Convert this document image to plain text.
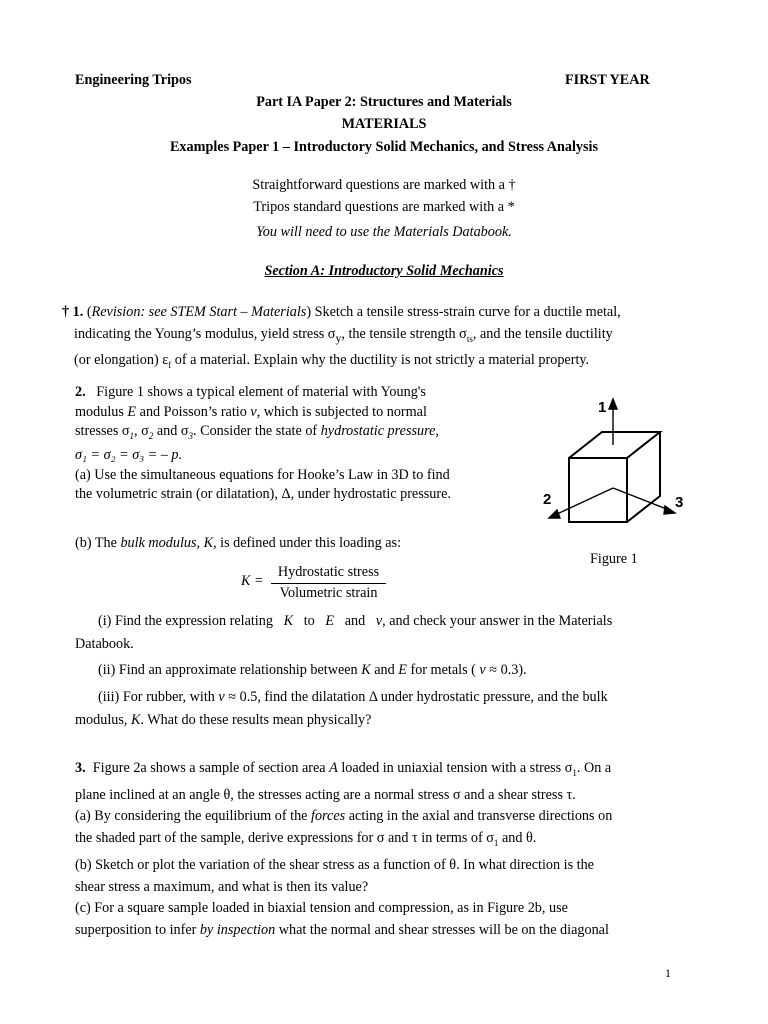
Engineering Tripos	FIRST YEAR
Part IA Paper 2: Structures and Materials
MATERIALS
Examples Paper 1 – Introductory Solid Mechanics, and Stress Analysis
Straightforward questions are marked with a †
Tripos standard questions are marked with a *
You will need to use the Materials Databook.
Section A: Introductory Solid Mechanics
† 1. (Revision: see STEM Start – Materials) Sketch a tensile stress-strain curve for a ductile metal,
indicating the Young’s modulus, yield stress $\sigma_y$, the tensile strength $\sigma_{ts}$, and the tensile ductility
(or elongation) $\varepsilon_f$ of a material. Explain why the ductility is not strictly a material property.
2. Figure 1 shows a typical element of material with Young's
modulus E and Poisson’s ratio ν, which is subjected to normal
stresses $\sigma_1$, $\sigma_2$ and $\sigma_3$. Consider the state of hydrostatic pressure,
σ₁ = σ₂ = σ₃ = – p.
(a) Use the simultaneous equations for Hooke’s Law in 3D to find
the volumetric strain (or dilatation), Δ, under hydrostatic pressure.
1
2	3
Figure 1
(b) The bulk modulus, K, is defined under this loading as:
K =
Hydrostatic stress
Volumetric strain
(i) Find the expression relating K to E and ν, and check your answer in the Materials
Databook.
(ii) Find an approximate relationship between K and E for metals ( ν ≈ 0.3).
(iii) For rubber, with ν ≈ 0.5, find the dilatation Δ under hydrostatic pressure, and the bulk
modulus, K. What do these results mean physically?
3. Figure 2a shows a sample of section area A loaded in uniaxial tension with a stress $\sigma_1$. On a
plane inclined at an angle θ, the stresses acting are a normal stress σ and a shear stress τ.
(a) By considering the equilibrium of the forces acting in the axial and transverse directions on
the shaded part of the sample, derive expressions for σ and τ in terms of $\sigma_1$ and θ.
(b) Sketch or plot the variation of the shear stress as a function of θ. In what direction is the
shear stress a maximum, and what is then its value?
(c) For a square sample loaded in biaxial tension and compression, as in Figure 2b, use
superposition to infer by inspection what the normal and shear stresses will be on the diagonal
1
